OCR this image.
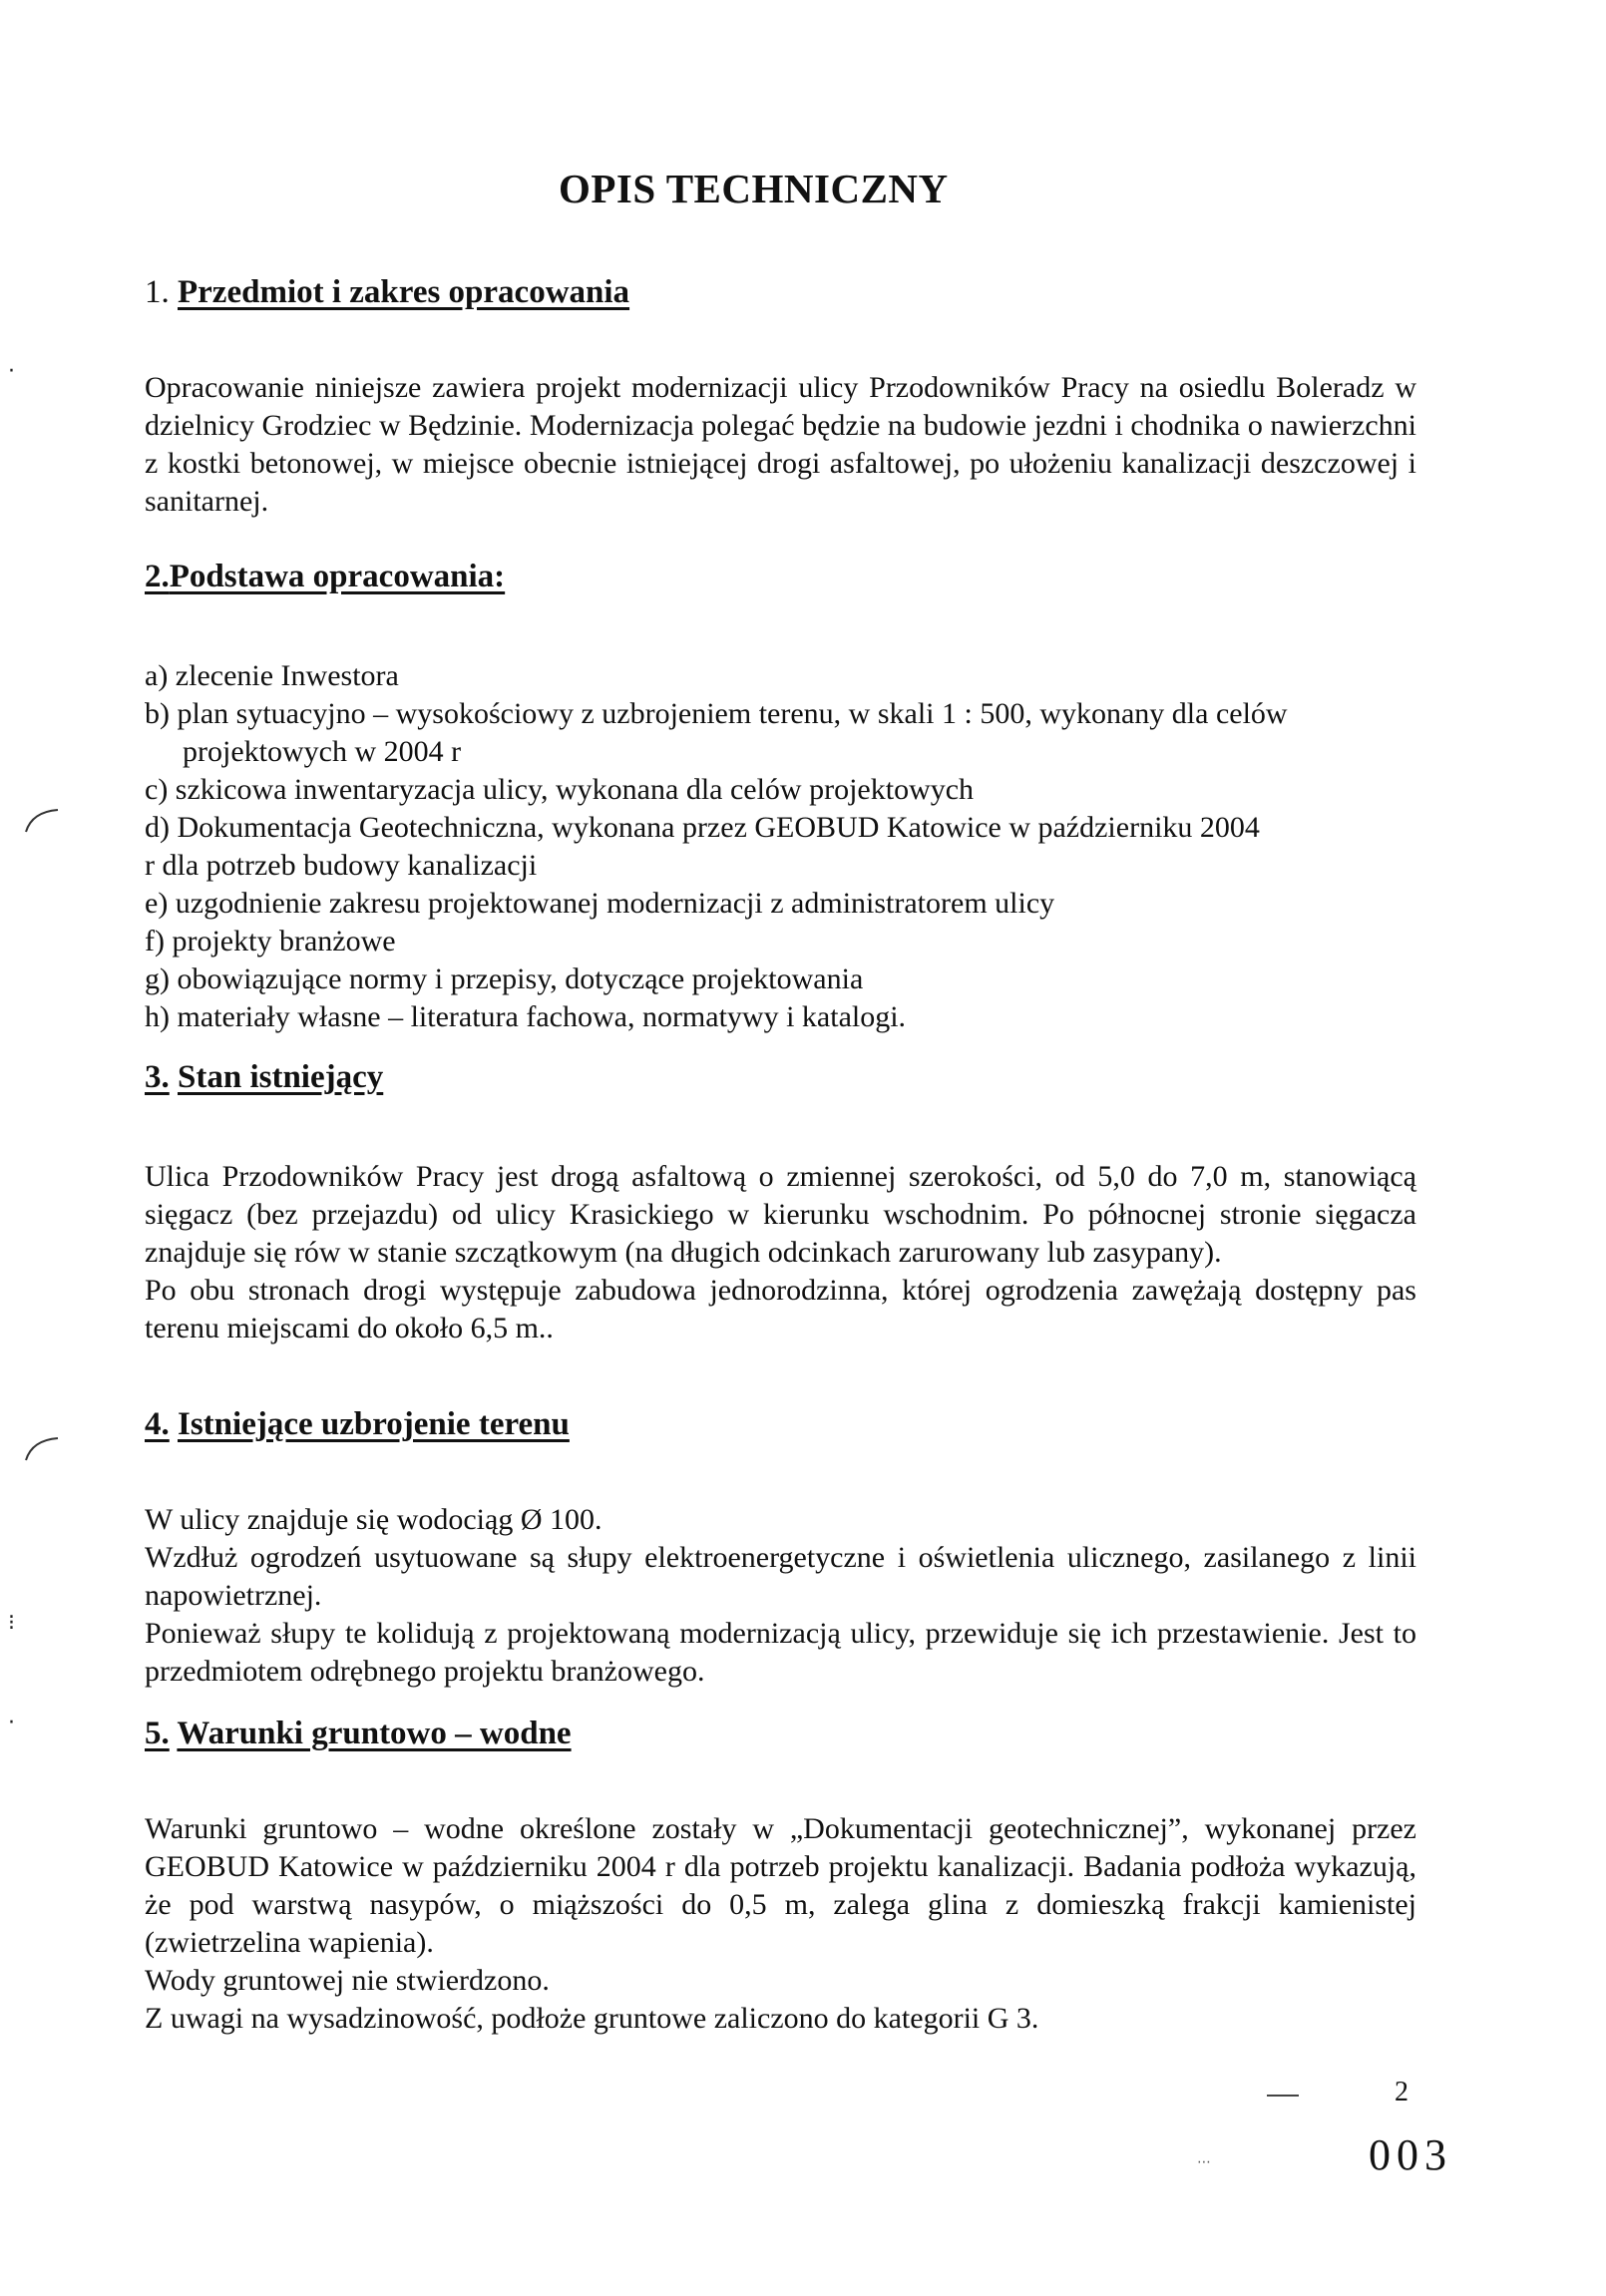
OPIS TECHNICZNY
1. Przedmiot i zakres opracowania

Opracowanie niniejsze zawiera projekt modernizacji ulicy Przodowników Pracy na osiedlu Boleradz w dzielnicy Grodziec w Będzinie. Modernizacja polegać będzie na budowie jezdni i chodnika o nawierzchni z kostki betonowej, w miejsce obecnie istniejącej drogi asfaltowej, po ułożeniu kanalizacji deszczowej i sanitarnej.

2.Podstawa opracowania:
a) zlecenie Inwestora
b) plan sytuacyjno – wysokościowy z uzbrojeniem terenu, w skali 1 : 500, wykonany dla celów projektowych w 2004 r
c) szkicowa inwentaryzacja ulicy, wykonana dla celów projektowych
d) Dokumentacja Geotechniczna, wykonana przez GEOBUD Katowice w październiku 2004
r dla potrzeb budowy kanalizacji
e) uzgodnienie zakresu projektowanej modernizacji z administratorem ulicy
f) projekty branżowe
g) obowiązujące normy i przepisy, dotyczące projektowania
h) materiały własne – literatura fachowa, normatywy i katalogi.
3. Stan istniejący

Ulica Przodowników Pracy jest drogą asfaltową o zmiennej szerokości, od 5,0 do 7,0 m, stanowiącą sięgacz (bez przejazdu) od ulicy Krasickiego w kierunku wschodnim. Po północnej stronie sięgacza znajduje się rów w stanie szczątkowym (na długich odcinkach zarurowany lub zasypany).

Po obu stronach drogi występuje zabudowa jednorodzinna, której ogrodzenia zawężają dostępny pas terenu miejscami do około 6,5 m..

4. Istniejące uzbrojenie terenu

W ulicy znajduje się wodociąg Ø 100.

Wzdłuż ogrodzeń usytuowane są słupy elektroenergetyczne i oświetlenia ulicznego, zasilanego z linii napowietrznej.

Ponieważ słupy te kolidują z projektowaną modernizacją ulicy, przewiduje się ich przestawienie. Jest to przedmiotem odrębnego projektu branżowego.

5. Warunki gruntowo – wodne

Warunki gruntowo – wodne określone zostały w „Dokumentacji geotechnicznej”, wykonanej przez GEOBUD Katowice w październiku 2004 r dla potrzeb projektu kanalizacji. Badania podłoża wykazują, że pod warstwą nasypów, o miąższości do 0,5 m, zalega glina z domieszką frakcji kamienistej (zwietrzelina wapienia).

Wody gruntowej nie stwierdzono.

Z uwagi na wysadzinowość, podłoże gruntowe zaliczono do kategorii G 3.

·
⁝
·
2
⋯	003
